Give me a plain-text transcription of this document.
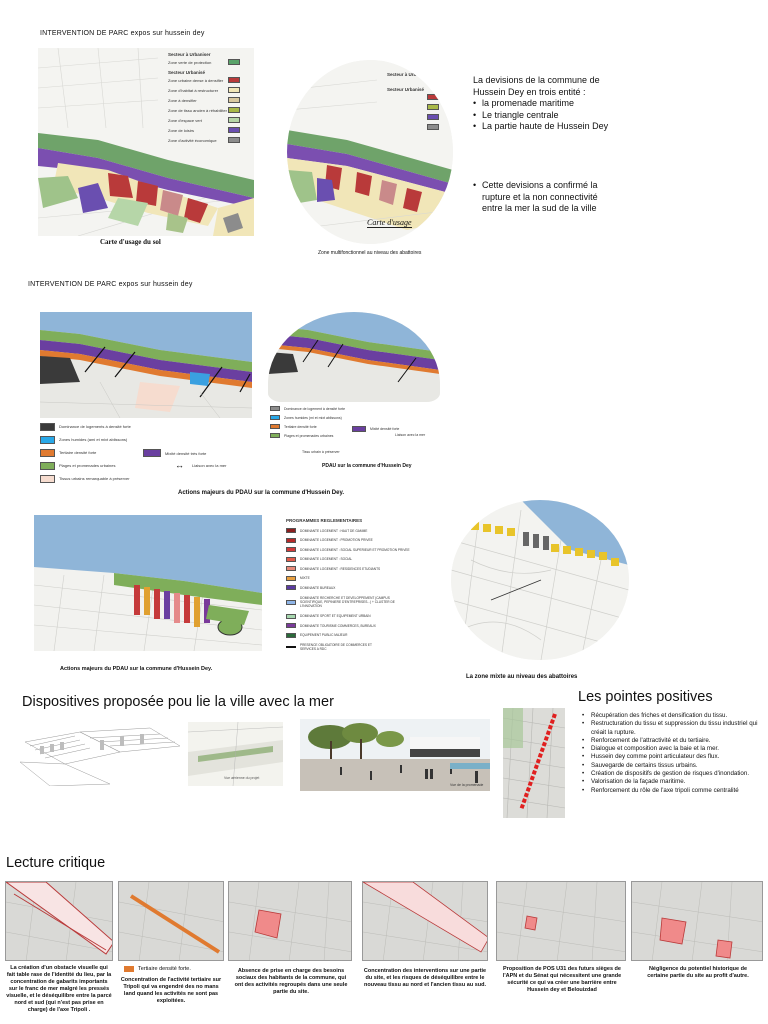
INTERVENTION DE PARC expos sur hussein dey
Secteur à Urbaniser
Zone verte de protection
Secteur Urbanisé
Zone urbaine dense à densifier
Zone d'habitat à restructurer
Zone à densifier
Zone de tissu ancien à réhabiliter
Zone d'espace vert
Zone de loisirs
Zone d'activité économique
Carte d'usage du sol
Secteur à Urb...
Secteur Urbanisé
Carte d'usage
Zone multifonctionnel au niveau des abattoires
La devisions de la commune de Hussein Dey en trois entité :
• la promenade maritime
• Le triangle centrale
• La partie haute de Hussein Dey
• Cette devisions a confirmé la rupture et la non connectivité entre la mer la sud de la ville
INTERVENTION DE PARC expos sur hussein dey
Dominance de logements à densité forte
Zones humides (ami et mixt ablissons)
Tertiaire densité forte
Plages et promenades urbaines
Tissus urbains remarquable à préserver
Mixité densité très forte
↔ Liaison avec la mer
Actions majeurs du PDAU sur la commune d'Hussein Dey.
Dominance de logement à densité forte
Zones humides (mi et mixt ablissons)
Tertiaire densité forte
Plages et promenades urbaines
Mixité densité forte
Liaison avec la mer
Tissu urbain à préserver
PDAU sur la commune d'Hussein Dey
PROGRAMMES REGLEMENTAIRES
DOMINANTE LOGEMENT : HAUT DE GAMME
DOMINANTE LOGEMENT : PROMOTION PRIVEE
DOMINANTE LOGEMENT : SOCIAL SUPERIEUR ET PROMOTION PRIVEE
DOMINANTE LOGEMENT : SOCIAL
DOMINANTE LOGEMENT : RESIDENCES ETUDIANTS
MIXTE
DOMINANTE BUREAUX
DOMINANTE RECHERCHE ET DEVELOPPEMENT (CAMPUS SCIENTIFIQUE, PEPINIERE D'ENTREPRISES...) + CLUSTER DE L'INNOVATION
DOMINANTE SPORT ET EQUIPEMENT URBAIN
DOMINANTE TOURISME COMMERCES, BUREAUX
EQUIPEMENT PUBLIC MAJEUR
PRESENCE OBLIGATOIRE DE COMMERCES ET SERVICES A RDC
Actions majeurs du PDAU sur la commune d'Hussein Dey.
La zone mixte au niveau des abattoires
Dispositives proposée pou lie la ville avec la mer
Vue aérienne du projet
Vue de la promenade
Les pointes positives
• Récupération des friches et densification du tissu.
• Restructuration du tissu et suppression du tissu industriel qui créait la rupture.
• Renforcement de l'attractivité et du tertiaire.
• Dialogue et composition avec la baie et la mer.
• Hussein dey comme point articulateur des flux.
• Sauvegarde de certains tissus urbains.
• Création de dispositifs de gestion de risques d'inondation.
• Valorisation de la façade maritime.
• Renforcement du rôle de l'axe tripoli comme centralité
Lecture critique
La création d'un obstacle visuelle qui fait table rase de l'identité du lieu, par la concentration de gabarits importants sur le franc de mer malgré les pressés visuelle, et le déséquilibre entre la parcé nord et sud (qui n'est pas prise en charge) de l'axe Tripoli .
Tertiaire densité forte.
Concentration de l'activité tertiaire sur Tripoli qui va engendré des no mans land quand les activités ne sont pas exploitées.
Absence de prise en charge des besoins sociaux des habitants de la commune, qui ont des activités regroupés dans une seule partie du site.
Concentration des interventions sur une partie du site, et les risques de déséquilibre entre le nouveau tissu au nord et l'ancien tissu au sud.
Proposition de POS U31 des futurs sièges de l'APN et du Sénat qui nécessitent une grande sécurité ce qui va créer une barrière entre Hussein dey et Belouizdad
Négligence du potentiel historique de certaine partie du site au profit d'autre.
